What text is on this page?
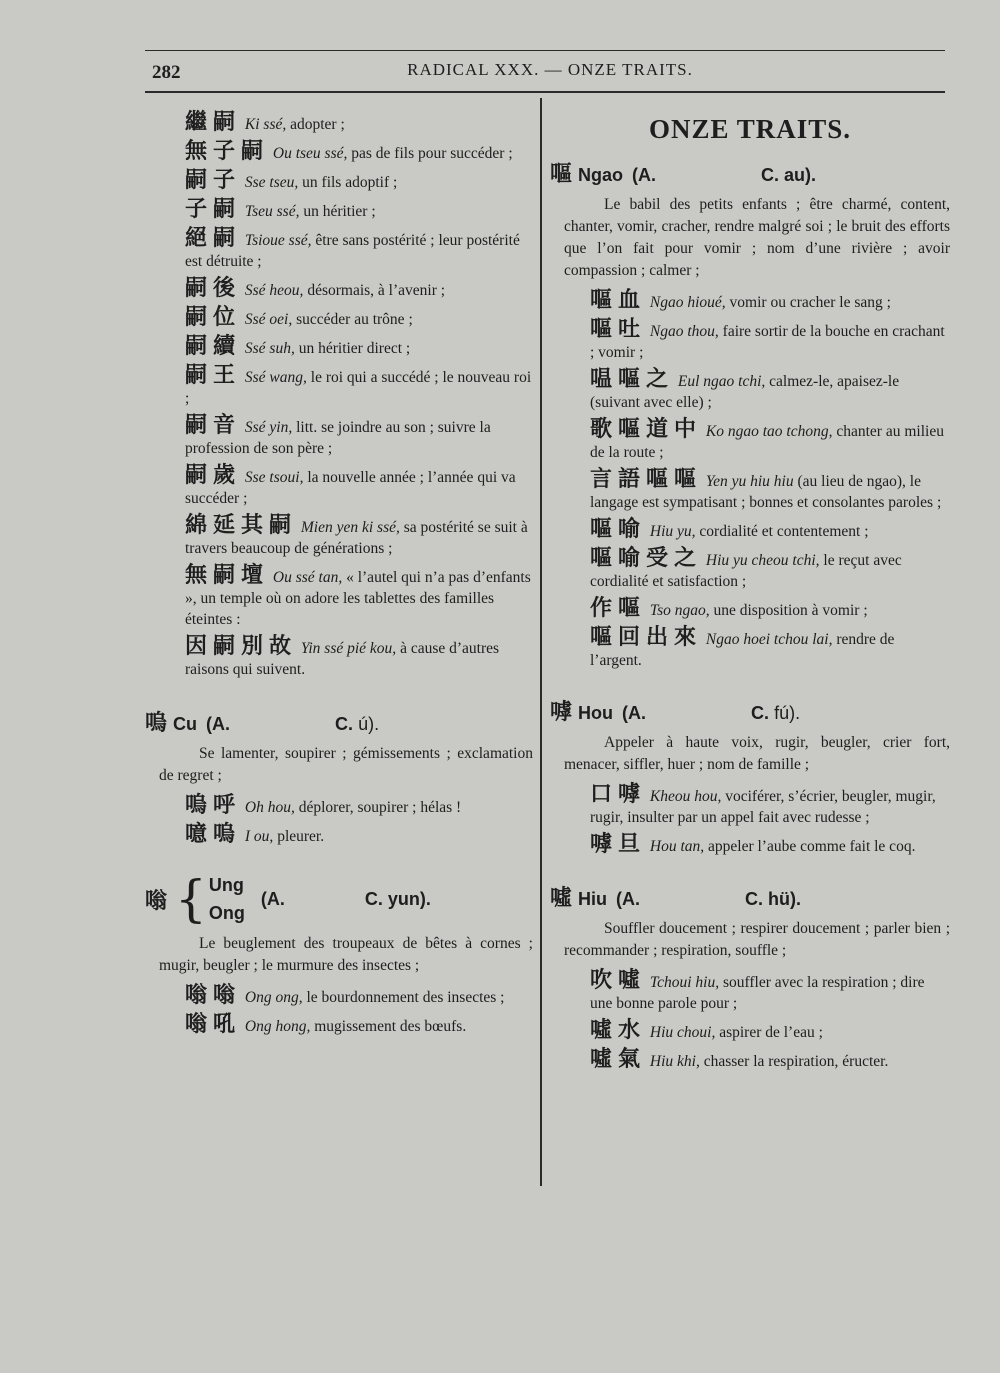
282	RADICAL XXX. — ONZE TRAITS.

繼嗣 Ki ssé, adopter ;

無子嗣 Ou tseu ssé, pas de fils pour succéder ;

嗣子 Sse tseu, un fils adoptif ;

子嗣 Tseu ssé, un héritier ;

絕嗣 Tsioue ssé, être sans postérité ; leur postérité est détruite ;

嗣後 Ssé heou, désormais, à l’avenir ;

嗣位 Ssé oei, succéder au trône ;

嗣續 Ssé suh, un héritier direct ;

嗣王 Ssé wang, le roi qui a succédé ; le nouveau roi ;

嗣音 Ssé yin, litt. se joindre au son ; suivre la profession de son père ;

嗣歲 Sse tsoui, la nouvelle année ; l’année qui va succéder ;

綿延其嗣 Mien yen ki ssé, sa postérité se suit à travers beaucoup de générations ;

無嗣壇 Ou ssé tan, « l’autel qui n’a pas d’enfants », un temple où on adore les tablettes des familles éteintes :

因嗣別故 Yin ssé pié kou, à cause d’autres raisons qui suivent.

嗚 Cu (A.	C. ú).

Se lamenter, soupirer ; gémissements ; exclamation de regret ;

嗚呼 Oh hou, déplorer, soupirer ; hélas !

噫嗚 I ou, pleurer.

嗡 { Ung
Ong
(A.	C. yun).

Le beuglement des troupeaux de bêtes à cornes ; mugir, beugler ; le murmure des insectes ;

嗡嗡 Ong ong, le bourdonnement des insectes ;

嗡吼 Ong hong, mugissement des bœufs.

ONZE TRAITS.
嘔 Ngao (A.	C. au).

Le babil des petits enfants ; être charmé, content, chanter, vomir, cracher, rendre malgré soi ; le bruit des efforts que l’on fait pour vomir ; nom d’une rivière ; avoir compassion ; calmer ;

嘔血 Ngao hioué, vomir ou cracher le sang ;

嘔吐 Ngao thou, faire sortir de la bouche en crachant ; vomir ;

嗢嘔之 Eul ngao tchi, calmez-le, apaisez-le (suivant avec elle) ;

歌嘔道中 Ko ngao tao tchong, chanter au milieu de la route ;

言語嘔嘔 Yen yu hiu hiu (au lieu de ngao), le langage est sympatisant ; bonnes et consolantes paroles ;

嘔喻 Hiu yu, cordialité et contentement ;

嘔喻受之 Hiu yu cheou tchi, le reçut avec cordialité et satisfaction ;

作嘔 Tso ngao, une disposition à vomir ;

嘔回出來 Ngao hoei tchou lai, rendre de l’argent.

嘑 Hou (A.	C. fú).

Appeler à haute voix, rugir, beugler, crier fort, menacer, siffler, huer ; nom de famille ;

口嘑 Kheou hou, vociférer, s’écrier, beugler, mugir, rugir, insulter par un appel fait avec rudesse ;

嘑旦 Hou tan, appeler l’aube comme fait le coq.

噓 Hiu (A.	C. hü).

Souffler doucement ; respirer doucement ; parler bien ; recommander ; respiration, souffle ;

吹噓 Tchoui hiu, souffler avec la respiration ; dire une bonne parole pour ;

噓水 Hiu choui, aspirer de l’eau ;

噓氣 Hiu khi, chasser la respiration, éructer.
